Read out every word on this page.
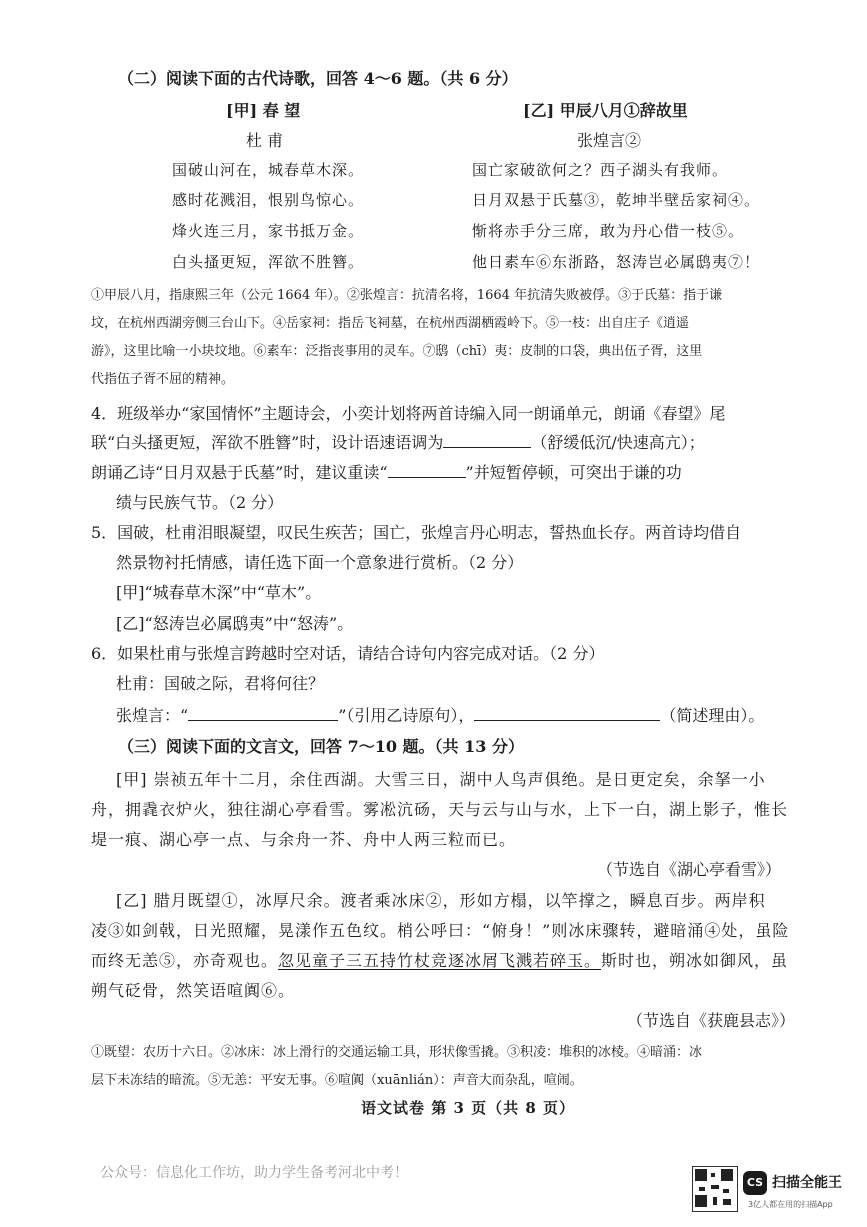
（二）阅读下面的古代诗歌，回答 4～6 题。（共 6 分）
[甲] 春 望
杜 甫
国破山河在，城春草木深。
感时花溅泪，恨别鸟惊心。
烽火连三月，家书抵万金。
白头搔更短，浑欲不胜簪。
[乙] 甲辰八月①辞故里
张煌言②
国亡家破欲何之？西子湖头有我师。
日月双悬于氏墓③，乾坤半壁岳家祠④。
惭将赤手分三席，敢为丹心借一枝⑤。
他日素车⑥东浙路，怒涛岂必属鸱夷⑦！
①甲辰八月，指康熙三年（公元 1664 年）。②张煌言：抗清名将，1664 年抗清失败被俘。③于氏墓：指于谦
坟，在杭州西湖旁侧三台山下。④岳家祠：指岳飞祠墓，在杭州西湖栖霞岭下。⑤一枝：出自庄子《逍遥
游》，这里比喻一小块坟地。⑥素车：泛指丧事用的灵车。⑦鸱（chī）夷：皮制的口袋，典出伍子胥，这里
代指伍子胥不屈的精神。
4．班级举办“家国情怀”主题诗会，小奕计划将两首诗编入同一朗诵单元，朗诵《春望》尾
联“白头搔更短，浑欲不胜簪”时，设计语速语调为	（舒缓低沉/快速高亢）；
朗诵乙诗“日月双悬于氏墓”时，建议重读“	”并短暂停顿，可突出于谦的功
绩与民族气节。（2 分）
5．国破，杜甫泪眼凝望，叹民生疾苦；国亡，张煌言丹心明志，誓热血长存。两首诗均借自
然景物衬托情感，请任选下面一个意象进行赏析。（2 分）
[甲]“城春草木深”中“草木”。
[乙]“怒涛岂必属鸱夷”中“怒涛”。
6．如果杜甫与张煌言跨越时空对话，请结合诗句内容完成对话。（2 分）
杜甫：国破之际，君将何往？
张煌言：“	”（引用乙诗原句），	（简述理由）。
（三）阅读下面的文言文，回答 7～10 题。（共 13 分）
[甲] 崇祯五年十二月，余住西湖。大雪三日，湖中人鸟声俱绝。是日更定矣，余拏一小
舟，拥毳衣炉火，独往湖心亭看雪。雾凇沆砀，天与云与山与水，上下一白，湖上影子，惟长
堤一痕、湖心亭一点、与余舟一芥、舟中人两三粒而已。
（节选自《湖心亭看雪》）
[乙] 腊月既望①，冰厚尺余。渡者乘冰床②，形如方榻，以竿撑之，瞬息百步。两岸积
凌③如剑戟，日光照耀，晃漾作五色纹。梢公呼曰：“俯身！”则冰床骤转，避暗涌④处，虽险
而终无恙⑤，亦奇观也。忽见童子三五持竹杖竞逐冰屑飞溅若碎玉。斯时也，朔冰如御风，虽
朔气砭骨，然笑语喧阗⑥。
（节选自《获鹿县志》）
①既望：农历十六日。②冰床：冰上滑行的交通运输工具，形状像雪撬。③积凌：堆积的冰棱。④暗涌：冰
层下未冻结的暗流。⑤无恙：平安无事。⑥喧阗（xuānlián）：声音大而杂乱，喧闹。
语文试卷 第 3 页（共 8 页）
公众号：信息化工作坊，助力学生备考河北中考！
CS 扫描全能王
3亿人都在用的扫描App
